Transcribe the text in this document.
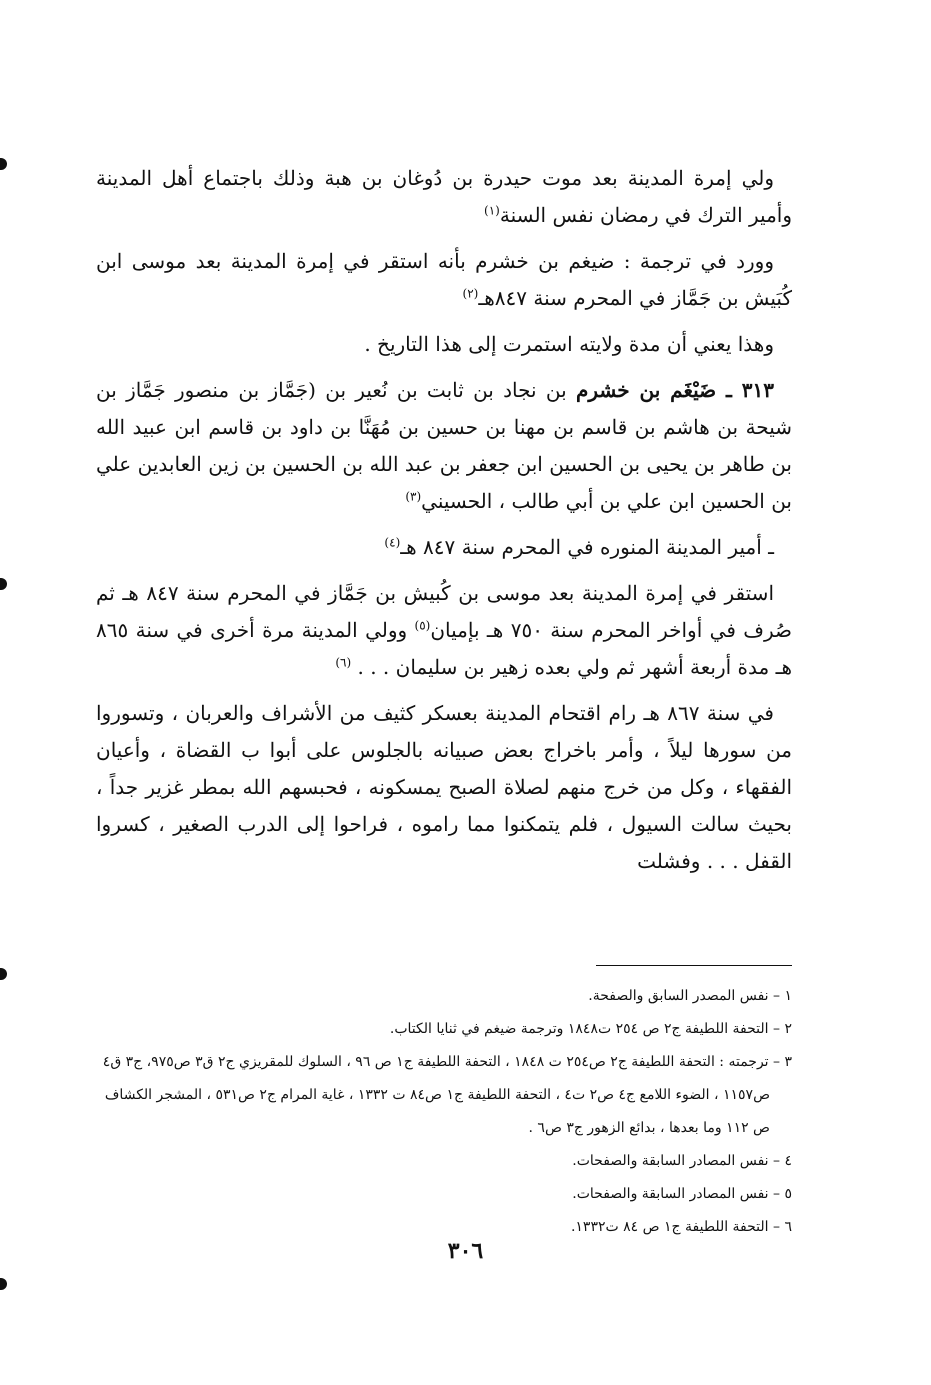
ولي إمرة المدينة بعد موت حيدرة بن دُوغان بن هبة وذلك باجتماع أهل المدينة وأمير الترك في رمضان نفس السنة$^{(١)}$

وورد في ترجمة : ضيغم بن خشرم بأنه استقر في إمرة المدينة بعد موسى ابن كُبَيش بن جَمَّاز في المحرم سنة ٨٤٧هـ$^{(٢)}$

وهذا يعني أن مدة ولايته استمرت إلى هذا التاريخ .

٣١٣ ـ ضَيْغَم بن خشرم بن نجاد بن ثابت بن نُعير بن (جَمَّاز بن منصور جَمَّاز بن شيحة بن هاشم بن قاسم بن مهنا بن حسين بن مُهَنَّا بن داود بن قاسم ابن عبيد الله بن طاهر بن يحيى بن الحسين ابن جعفر بن عبد الله بن الحسين بن زين العابدين علي بن الحسين ابن علي بن أبي طالب ، الحسيني$^{(٣)}$

ـ أمير المدينة المنوره في المحرم سنة ٨٤٧ هـ$^{(٤)}$

استقر في إمرة المدينة بعد موسى بن كُبيش بن جَمَّاز في المحرم سنة ٨٤٧ هـ ثم صُرف في أواخر المحرم سنة ٧٥٠ هـ بإميان$^{(٥)}$ وولي المدينة مرة أخرى في سنة ٨٦٥ هـ مدة أربعة أشهر ثم ولي بعده زهير بن سليمان . . . $^{(٦)}$

في سنة ٨٦٧ هـ رام اقتحام المدينة بعسكر كثيف من الأشراف والعربان ، وتسوروا من سورها ليلاً ، وأمر باخراج بعض صبيانه بالجلوس على أبوا ب القضاة ، وأعيان الفقهاء ، وكل من خرج منهم لصلاة الصبح يمسكونه ، فحبسهم الله بمطر غزير جداً ، بحيث سالت السيول ، فلم يتمكنوا مما راموه ، فراحوا إلى الدرب الصغير ، كسروا القفل . . . وفشلت

١ – نفس المصدر السابق والصفحة.

٢ – التحفة اللطيفة ج٢ ص ٢٥٤ ت١٨٤٨ وترجمة ضيغم في ثنايا الكتاب.

٣ – ترجمته : التحفة اللطيفة ج٢ ص٢٥٤ ت ١٨٤٨ ، التحفة اللطيفة ج١ ص ٩٦ ، السلوك للمقريزي ج٢ ق٣ ص٩٧٥، ج٣ ق٤ ص١١٥٧ ، الضوء اللامع ج٤ ص٢ ت٤ ، التحفة اللطيفة ج١ ص٨٤ ت ١٣٣٢ ، غاية المرام ج٢ ص٥٣١ ، المشجر الكشاف ص ١١٢ وما بعدها ، بدائع الزهور ج٣ ص٦ .

٤ – نفس المصادر السابقة والصفحات.

٥ – نفس المصادر السابقة والصفحات.

٦ – التحفة اللطيفة ج١ ص ٨٤ ت١٣٣٢.

٣٠٦
